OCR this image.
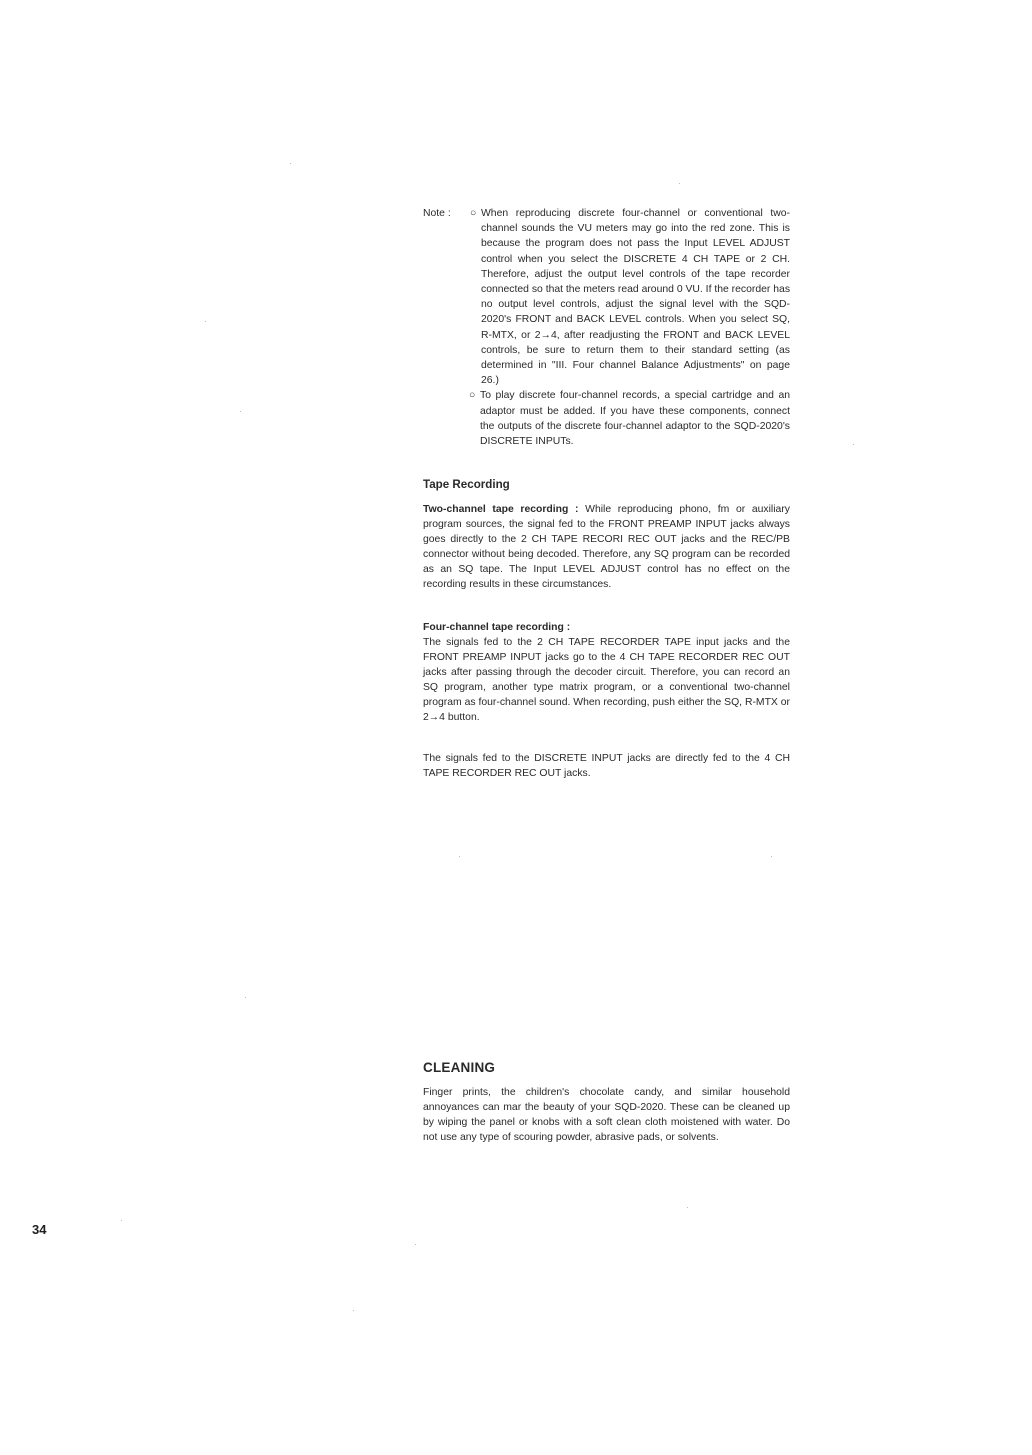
Note : ○ When reproducing discrete four-channel or conventional two-channel sounds the VU meters may go into the red zone. This is because the program does not pass the Input LEVEL ADJUST control when you select the DISCRETE 4 CH TAPE or 2 CH. Therefore, adjust the output level controls of the tape recorder connected so that the meters read around 0 VU. If the recorder has no output level controls, adjust the signal level with the SQD-2020's FRONT and BACK LEVEL controls. When you select SQ, R-MTX, or 2→4, after readjusting the FRONT and BACK LEVEL controls, be sure to return them to their standard setting (as determined in "III. Four channel Balance Adjustments" on page 26.)
○ To play discrete four-channel records, a special cartridge and an adaptor must be added. If you have these components, connect the outputs of the discrete four-channel adaptor to the SQD-2020's DISCRETE INPUTs.
Tape Recording

Two-channel tape recording : While reproducing phono, fm or auxiliary program sources, the signal fed to the FRONT PREAMP INPUT jacks always goes directly to the 2 CH TAPE RECORI REC OUT jacks and the REC/PB connector without being decoded. Therefore, any SQ program can be recorded as an SQ tape. The Input LEVEL ADJUST control has no effect on the recording results in these circumstances.

Four-channel tape recording :

The signals fed to the 2 CH TAPE RECORDER TAPE input jacks and the FRONT PREAMP INPUT jacks go to the 4 CH TAPE RECORDER REC OUT jacks after passing through the decoder circuit. Therefore, you can record an SQ program, another type matrix program, or a conventional two-channel program as four-channel sound. When recording, push either the SQ, R-MTX or 2→4 button.

The signals fed to the DISCRETE INPUT jacks are directly fed to the 4 CH TAPE RECORDER REC OUT jacks.

CLEANING

Finger prints, the children's chocolate candy, and similar household annoyances can mar the beauty of your SQD-2020. These can be cleaned up by wiping the panel or knobs with a soft clean cloth moistened with water. Do not use any type of scouring powder, abrasive pads, or solvents.

34
